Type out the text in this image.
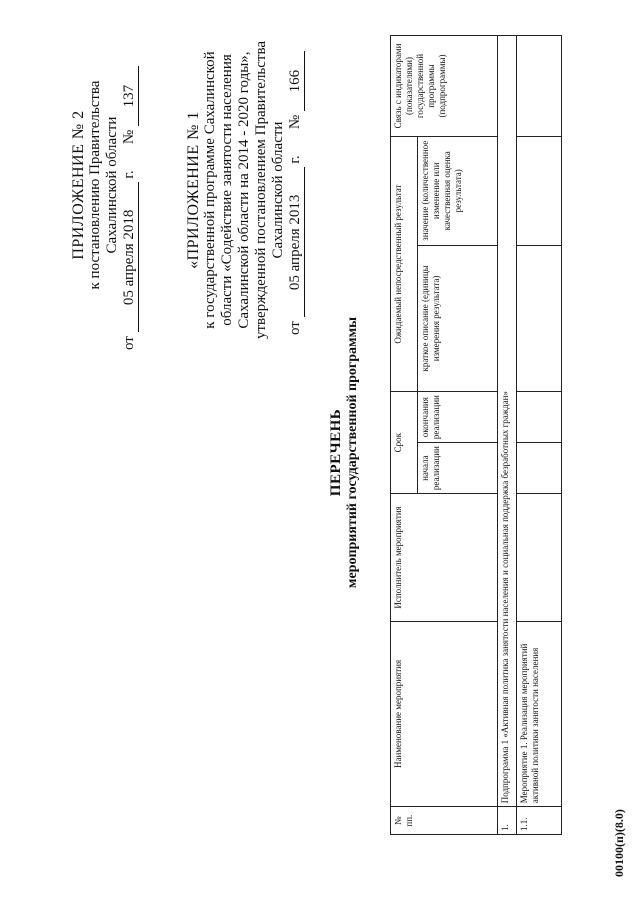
ПРИЛОЖЕНИЕ № 2 к постановлению Правительства Сахалинской области
от 05 апреля 2018 г.       № 137
«ПРИЛОЖЕНИЕ № 1 к государственной программе Сахалинской области «Содействие занятости населения Сахалинской области на 2014 - 2020 годы», утвержденной постановлением Правительства Сахалинской области
от 05 апреля 2013 г.       № 166
ПЕРЕЧЕНЬ мероприятий государственной программы
№ пп.	Наименование мероприятия	Исполнитель мероприятия	Срок		Ожидаемый непосредственный результат		Связь с индикаторами (показателями) государственной программы (подпрограммы)
			начала реализации	окончания реализации	краткое описание (единицы измерения результата)	значение (количественное изменение или качественная оценка результата)	
1.	Подпрограмма 1 «Активная политика занятости населения и социальная поддержка безработных граждан»						
1.1.	Мероприятие 1. Реализация мероприятий активной политики занятости населения						
00100(п)(8.0)
